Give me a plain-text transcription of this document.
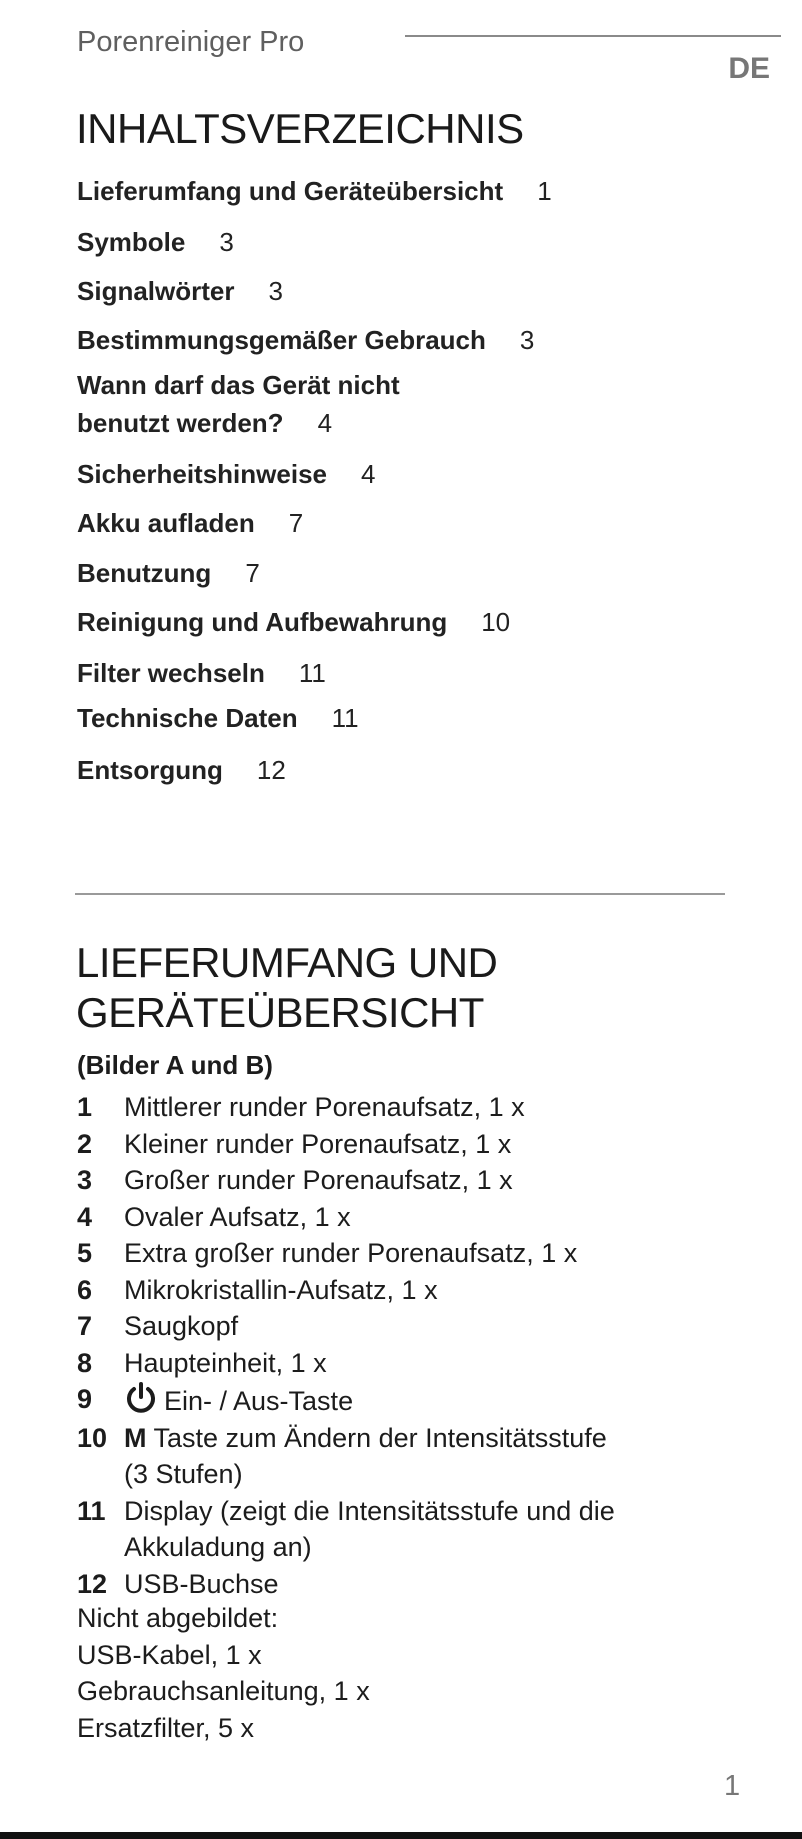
Porenreiniger Pro
DE
INHALTSVERZEICHNIS
Lieferumfang und Geräteübersicht 1
Symbole 3
Signalwörter 3
Bestimmungsgemäßer Gebrauch 3
Wann darf das Gerät nicht
benutzt werden? 4
Sicherheitshinweise 4
Akku aufladen 7
Benutzung 7
Reinigung und Aufbewahrung 10
Filter wechseln 11
Technische Daten 11
Entsorgung 12
LIEFERUMFANG UND
GERÄTEÜBERSICHT
(Bilder A und B)
1	Mittlerer runder Porenaufsatz, 1 x
2	Kleiner runder Porenaufsatz, 1 x
3	Großer runder Porenaufsatz, 1 x
4	Ovaler Aufsatz, 1 x
5	Extra großer runder Porenaufsatz, 1 x
6	Mikrokristallin-Aufsatz, 1 x
7	Saugkopf
8	Haupteinheit, 1 x
9	Ein- / Aus-Taste
10 M Taste zum Ändern der Intensitätsstufe
(3 Stufen)
11 Display (zeigt die Intensitätsstufe und die
Akkuladung an)
12 USB-Buchse
Nicht abgebildet:
USB-Kabel, 1 x
Gebrauchsanleitung, 1 x
Ersatzfilter, 5 x
1
